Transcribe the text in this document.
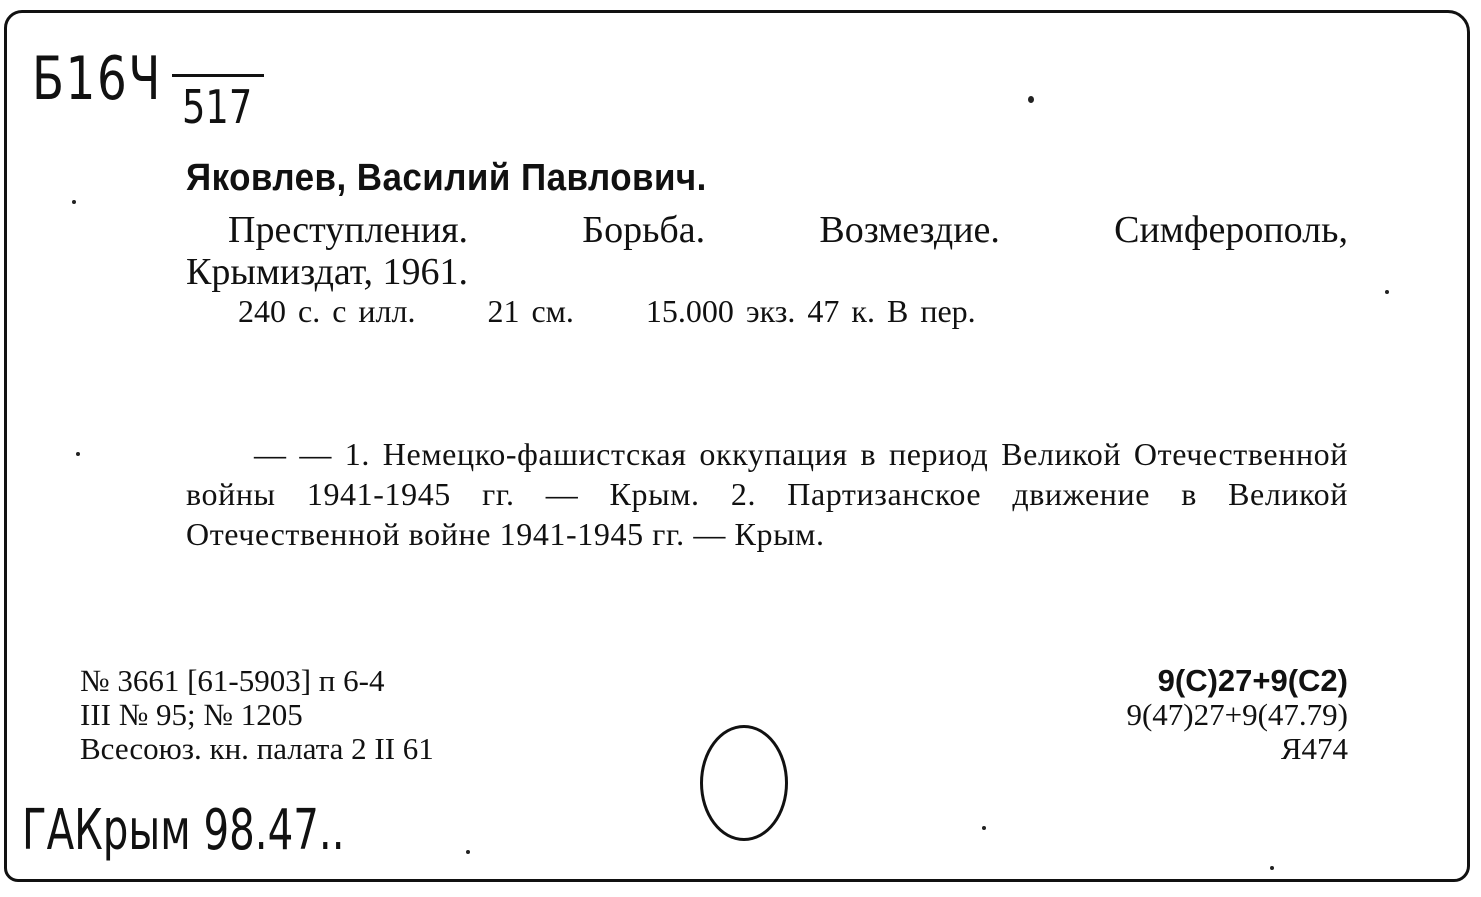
Б16Ч 517
Яковлев, Василий Павлович.
Преступления.	Борьба.	Возмездие.	Симферополь,
Крымиздат, 1961.
240 с. с илл. 21 см. 15.000 экз. 47 к. В пер.
— — 1. Немецко-фашистская оккупация в период Великой Отечественной войны 1941-1945 гг. — Крым. 2. Партизанское движение в Великой Отечественной войне 1941-1945 гг. — Крым.
№ 3661 [61-5903] п 6-4
III № 95; № 1205
Всесоюз. кн. палата 2 II 61
9(С)27+9(С2)
9(47)27+9(47.79)
Я474
ГАКрым 98.47..
